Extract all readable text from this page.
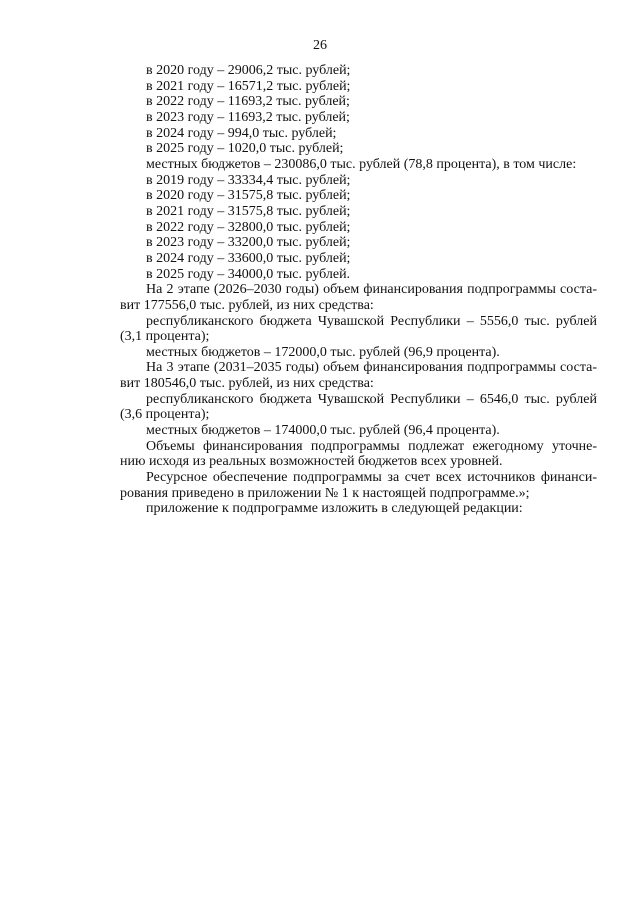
26

в 2020 году – 29006,2 тыс. рублей;

в 2021 году – 16571,2 тыс. рублей;

в 2022 году – 11693,2 тыс. рублей;

в 2023 году – 11693,2 тыс. рублей;

в 2024 году – 994,0 тыс. рублей;

в 2025 году – 1020,0 тыс. рублей;

местных бюджетов – 230086,0 тыс. рублей (78,8 процента), в том числе:

в 2019 году – 33334,4 тыс. рублей;

в 2020 году – 31575,8 тыс. рублей;

в 2021 году – 31575,8 тыс. рублей;

в 2022 году – 32800,0 тыс. рублей;

в 2023 году – 33200,0 тыс. рублей;

в 2024 году – 33600,0 тыс. рублей;

в 2025 году – 34000,0 тыс. рублей.

На 2 этапе (2026–2030 годы) объем финансирования подпрограммы соста-

вит 177556,0 тыс. рублей, из них средства:

республиканского бюджета Чувашской Республики – 5556,0 тыс. рублей

(3,1 процента);

местных бюджетов – 172000,0 тыс. рублей (96,9 процента).

На 3 этапе (2031–2035 годы) объем финансирования подпрограммы соста-

вит 180546,0 тыс. рублей, из них средства:

республиканского бюджета Чувашской Республики – 6546,0 тыс. рублей

(3,6 процента);

местных бюджетов – 174000,0 тыс. рублей (96,4 процента).

Объемы финансирования подпрограммы подлежат ежегодному уточне-

нию исходя из реальных возможностей бюджетов всех уровней.

Ресурсное обеспечение подпрограммы за счет всех источников финанси-

рования приведено в приложении № 1 к настоящей подпрограмме.»;

приложение к подпрограмме изложить в следующей редакции:
